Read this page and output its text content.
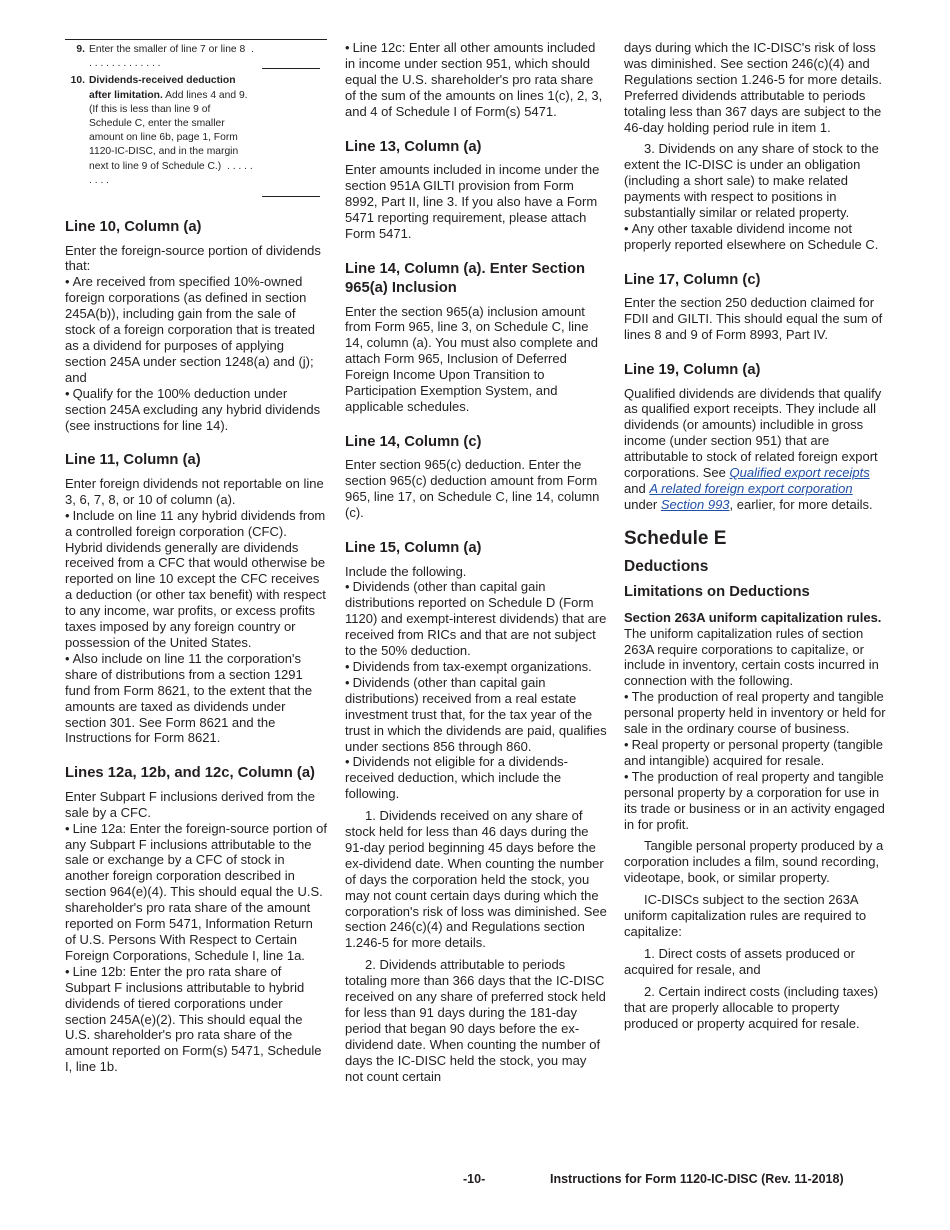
9. Enter the smaller of line 7 or line 8 . . . . . . . . . . . . . .
10. Dividends-received deduction after limitation. Add lines 4 and 9. (If this is less than line 9 of Schedule C, enter the smaller amount on line 6b, page 1, Form 1120-IC-DISC, and in the margin next to line 9 of Schedule C.) . . . . . . . . .
Line 10, Column (a)

Enter the foreign-source portion of dividends that:

• Are received from specified 10%-owned foreign corporations (as defined in section 245A(b)), including gain from the sale of stock of a foreign corporation that is treated as a dividend for purposes of applying section 245A under section 1248(a) and (j); and

• Qualify for the 100% deduction under section 245A excluding any hybrid dividends (see instructions for line 14).

Line 11, Column (a)

Enter foreign dividends not reportable on line 3, 6, 7, 8, or 10 of column (a).

• Include on line 11 any hybrid dividends from a controlled foreign corporation (CFC). Hybrid dividends generally are dividends received from a CFC that would otherwise be reported on line 10 except the CFC receives a deduction (or other tax benefit) with respect to any income, war profits, or excess profits taxes imposed by any foreign country or possession of the United States.

• Also include on line 11 the corporation's share of distributions from a section 1291 fund from Form 8621, to the extent that the amounts are taxed as dividends under section 301. See Form 8621 and the Instructions for Form 8621.

Lines 12a, 12b, and 12c, Column (a)

Enter Subpart F inclusions derived from the sale by a CFC.

• Line 12a: Enter the foreign-source portion of any Subpart F inclusions attributable to the sale or exchange by a CFC of stock in another foreign corporation described in section 964(e)(4). This should equal the U.S. shareholder's pro rata share of the amount reported on Form 5471, Information Return of U.S. Persons With Respect to Certain Foreign Corporations, Schedule I, line 1a.

• Line 12b: Enter the pro rata share of Subpart F inclusions attributable to hybrid dividends of tiered corporations under section 245A(e)(2). This should equal the U.S. shareholder's pro rata share of the amount reported on Form(s) 5471, Schedule I, line 1b.

• Line 12c: Enter all other amounts included in income under section 951, which should equal the U.S. shareholder's pro rata share of the sum of the amounts on lines 1(c), 2, 3, and 4 of Schedule I of Form(s) 5471.

Line 13, Column (a)

Enter amounts included in income under the section 951A GILTI provision from Form 8992, Part II, line 3. If you also have a Form 5471 reporting requirement, please attach Form 5471.

Line 14, Column (a). Enter Section 965(a) Inclusion

Enter the section 965(a) inclusion amount from Form 965, line 3, on Schedule C, line 14, column (a). You must also complete and attach Form 965, Inclusion of Deferred Foreign Income Upon Transition to Participation Exemption System, and applicable schedules.

Line 14, Column (c)

Enter section 965(c) deduction. Enter the section 965(c) deduction amount from Form 965, line 17, on Schedule C, line 14, column (c).

Line 15, Column (a)

Include the following.

• Dividends (other than capital gain distributions reported on Schedule D (Form 1120) and exempt-interest dividends) that are received from RICs and that are not subject to the 50% deduction.

• Dividends from tax-exempt organizations.

• Dividends (other than capital gain distributions) received from a real estate investment trust that, for the tax year of the trust in which the dividends are paid, qualifies under sections 856 through 860.

• Dividends not eligible for a dividends-received deduction, which include the following.

1. Dividends received on any share of stock held for less than 46 days during the 91-day period beginning 45 days before the ex-dividend date. When counting the number of days the corporation held the stock, you may not count certain days during which the corporation's risk of loss was diminished. See section 246(c)(4) and Regulations section 1.246-5 for more details.

2. Dividends attributable to periods totaling more than 366 days that the IC-DISC received on any share of preferred stock held for less than 91 days during the 181-day period that began 90 days before the ex-dividend date. When counting the number of days the IC-DISC held the stock, you may not count certain

days during which the IC-DISC's risk of loss was diminished. See section 246(c)(4) and Regulations section 1.246-5 for more details. Preferred dividends attributable to periods totaling less than 367 days are subject to the 46-day holding period rule in item 1.

3. Dividends on any share of stock to the extent the IC-DISC is under an obligation (including a short sale) to make related payments with respect to positions in substantially similar or related property.

• Any other taxable dividend income not properly reported elsewhere on Schedule C.

Line 17, Column (c)

Enter the section 250 deduction claimed for FDII and GILTI. This should equal the sum of lines 8 and 9 of Form 8993, Part IV.

Line 19, Column (a)

Qualified dividends are dividends that qualify as qualified export receipts. They include all dividends (or amounts) includible in gross income (under section 951) that are attributable to stock of related foreign export corporations. See Qualified export receipts and A related foreign export corporation under Section 993, earlier, for more details.

Schedule E
Deductions
Limitations on Deductions

Section 263A uniform capitalization rules. The uniform capitalization rules of section 263A require corporations to capitalize, or include in inventory, certain costs incurred in connection with the following.

• The production of real property and tangible personal property held in inventory or held for sale in the ordinary course of business.

• Real property or personal property (tangible and intangible) acquired for resale.

• The production of real property and tangible personal property by a corporation for use in its trade or business or in an activity engaged in for profit.

Tangible personal property produced by a corporation includes a film, sound recording, videotape, book, or similar property.

IC-DISCs subject to the section 263A uniform capitalization rules are required to capitalize:

1. Direct costs of assets produced or acquired for resale, and

2. Certain indirect costs (including taxes) that are properly allocable to property produced or property acquired for resale.

-10-	Instructions for Form 1120-IC-DISC (Rev. 11-2018)
